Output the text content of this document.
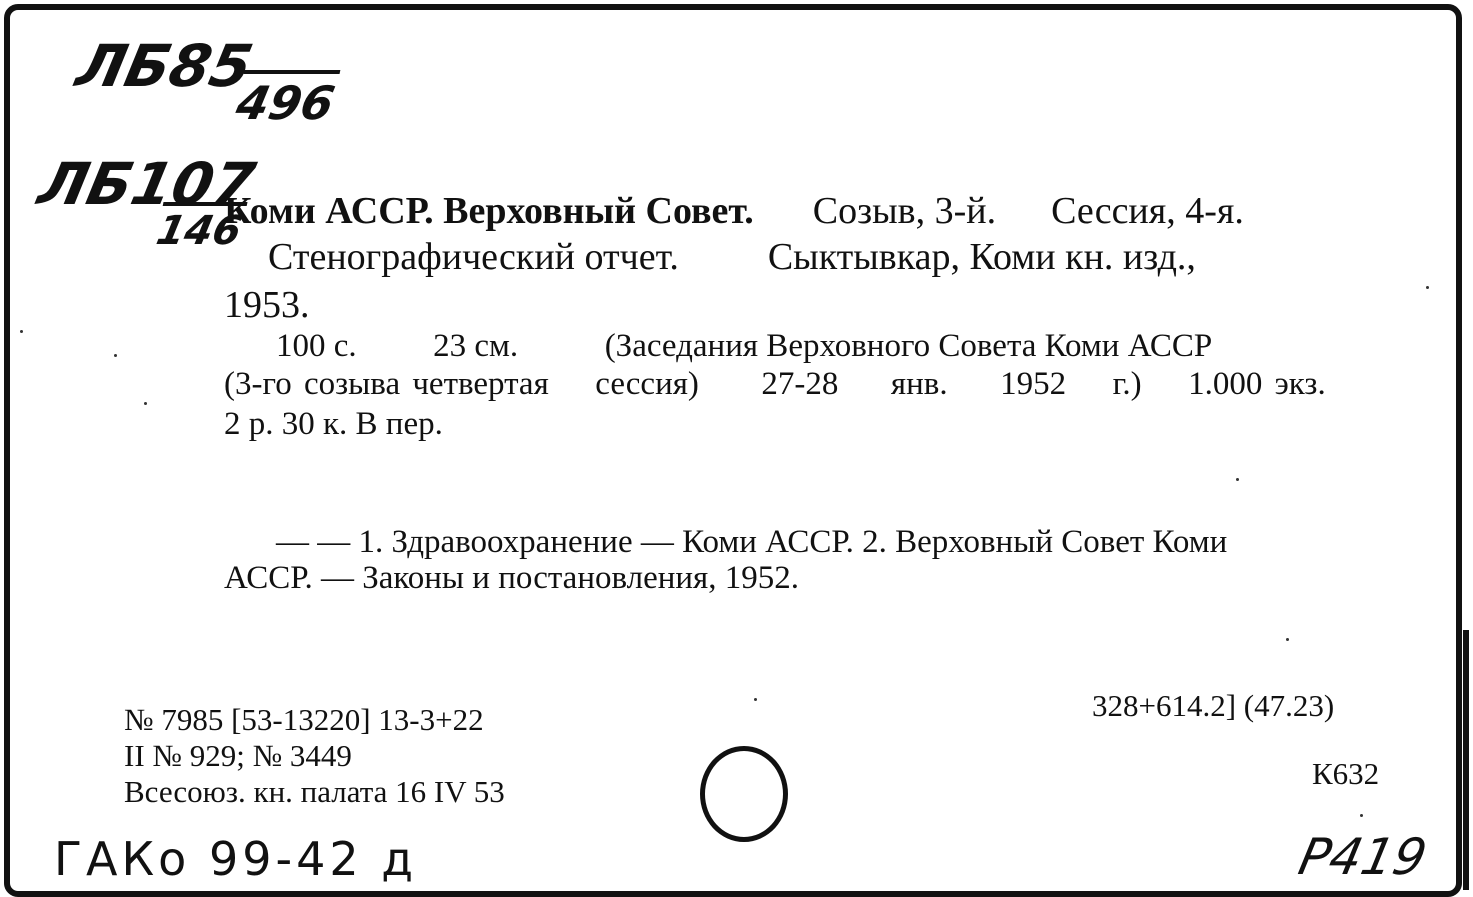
ЛБ85
496
ЛБ107
146
Коми АССР. Верховный Совет. Созыв, 3-й. Сессия, 4-я.
Стенографический отчет. Сыктывкар, Коми кн. изд.,
1953.
100 с. 23 см.	(Заседания Верховного Совета Коми АССР
(3-го созыва четвертая сессия) 27-28 янв. 1952 г.) 1.000 экз.
2 р. 30 к. В пер.
— — 1. Здравоохранение — Коми АССР. 2. Верховный Совет Коми
АССР. — Законы и постановления, 1952.
№ 7985 [53-13220] 13-3+22
II № 929; № 3449
Всесоюз. кн. палата 16 IV 53
328+614.2] (47.23)
К632
ГАКо 99-42 д	Р419
